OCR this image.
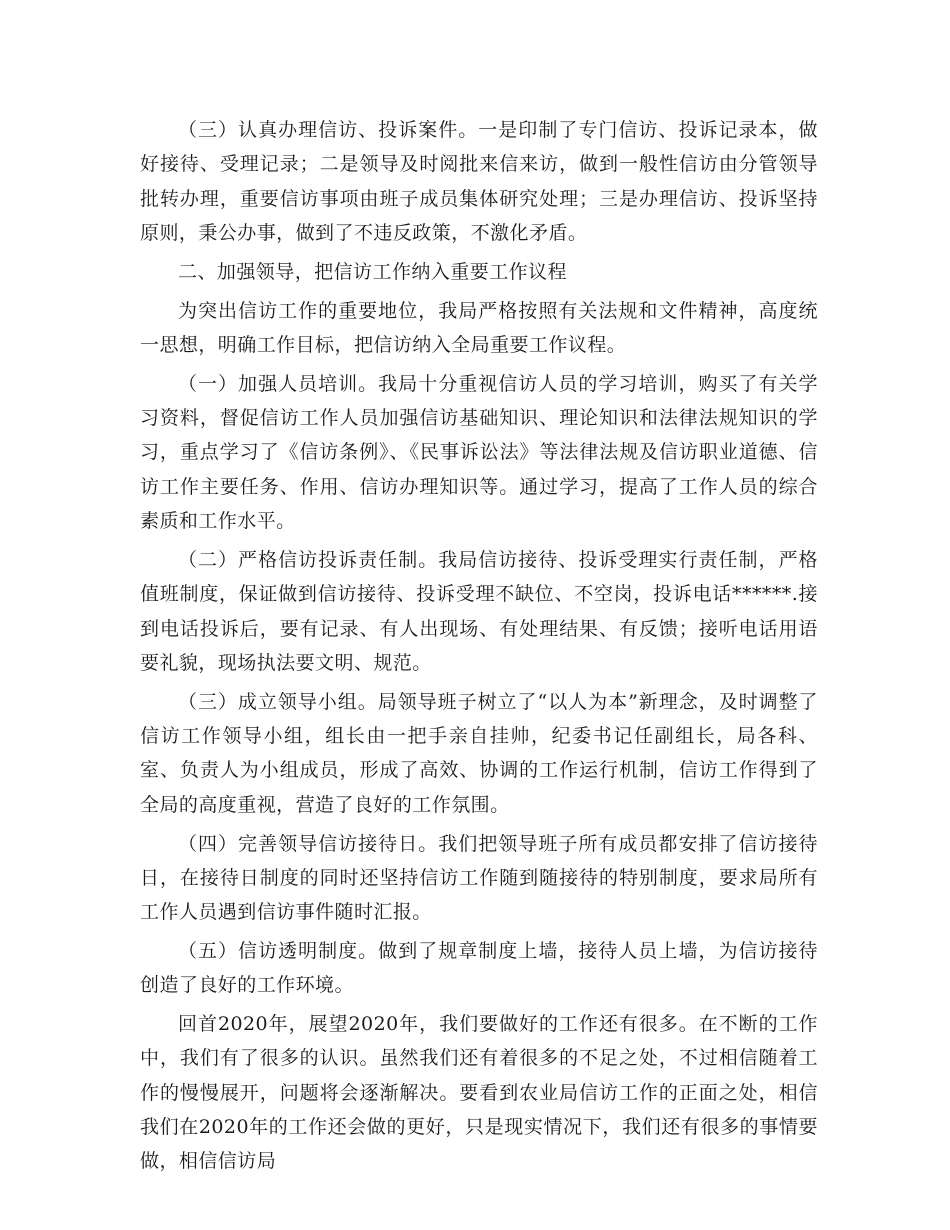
（三）认真办理信访、投诉案件。一是印制了专门信访、投诉记录本，做好接待、受理记录；二是领导及时阅批来信来访，做到一般性信访由分管领导批转办理，重要信访事项由班子成员集体研究处理；三是办理信访、投诉坚持原则，秉公办事，做到了不违反政策，不激化矛盾。

二、加强领导，把信访工作纳入重要工作议程

为突出信访工作的重要地位，我局严格按照有关法规和文件精神，高度统一思想，明确工作目标，把信访纳入全局重要工作议程。

（一）加强人员培训。我局十分重视信访人员的学习培训，购买了有关学习资料，督促信访工作人员加强信访基础知识、理论知识和法律法规知识的学习，重点学习了《信访条例》、《民事诉讼法》等法律法规及信访职业道德、信访工作主要任务、作用、信访办理知识等。通过学习，提高了工作人员的综合素质和工作水平。

（二）严格信访投诉责任制。我局信访接待、投诉受理实行责任制，严格值班制度，保证做到信访接待、投诉受理不缺位、不空岗，投诉电话******.接到电话投诉后，要有记录、有人出现场、有处理结果、有反馈；接听电话用语要礼貌，现场执法要文明、规范。

（三）成立领导小组。局领导班子树立了“以人为本”新理念，及时调整了信访工作领导小组，组长由一把手亲自挂帅，纪委书记任副组长，局各科、室、负责人为小组成员，形成了高效、协调的工作运行机制，信访工作得到了全局的高度重视，营造了良好的工作氛围。

（四）完善领导信访接待日。我们把领导班子所有成员都安排了信访接待日，在接待日制度的同时还坚持信访工作随到随接待的特别制度，要求局所有工作人员遇到信访事件随时汇报。

（五）信访透明制度。做到了规章制度上墙，接待人员上墙，为信访接待创造了良好的工作环境。

回首2020年，展望2020年，我们要做好的工作还有很多。在不断的工作中，我们有了很多的认识。虽然我们还有着很多的不足之处，不过相信随着工作的慢慢展开，问题将会逐渐解决。要看到农业局信访工作的正面之处，相信我们在2020年的工作还会做的更好，只是现实情况下，我们还有很多的事情要做，相信信访局
